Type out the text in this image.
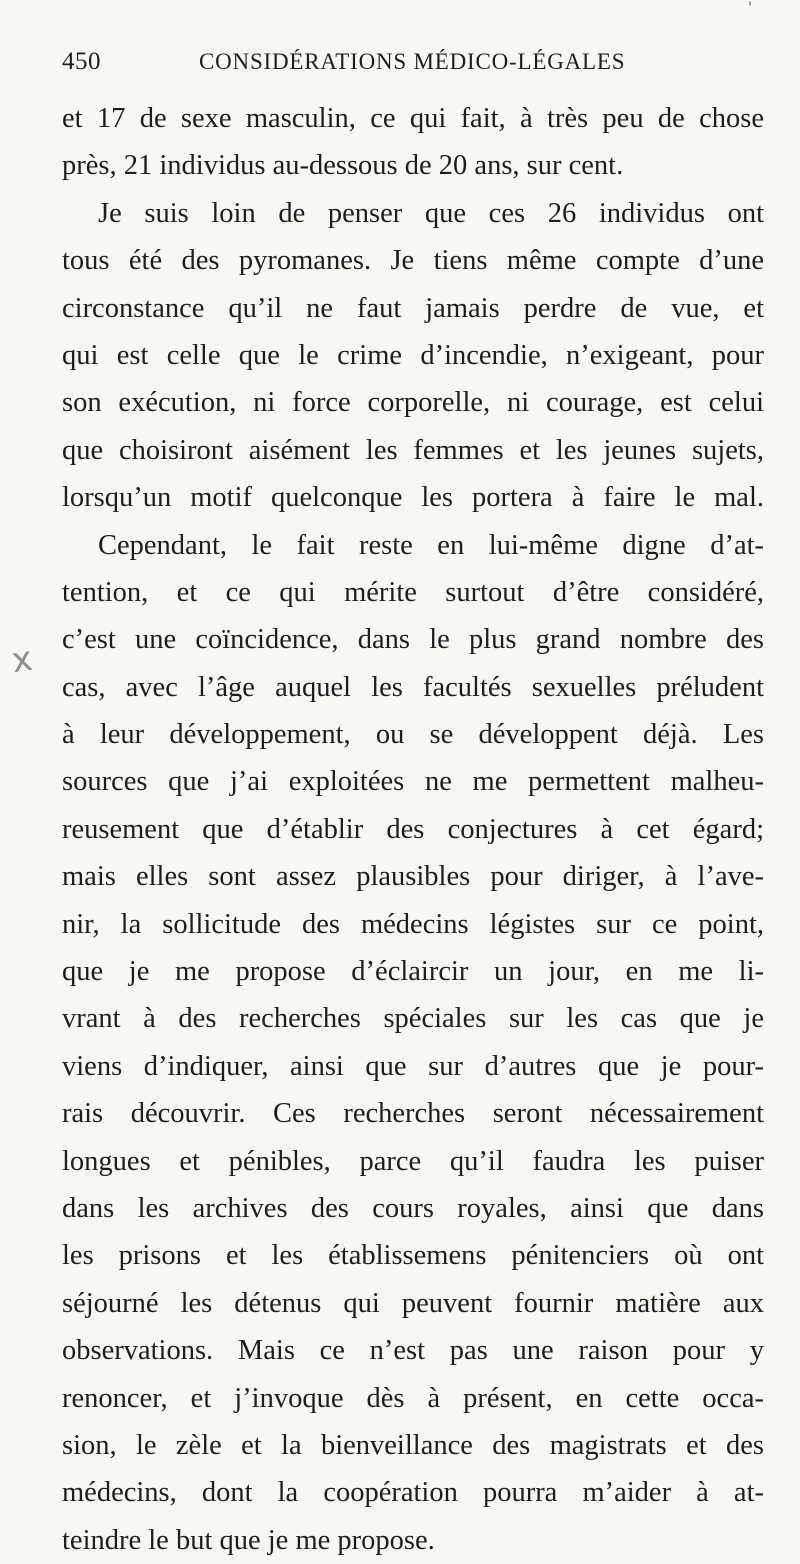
'
450	CONSIDÉRATIONS MÉDICO-LÉGALES
x
et 17 de sexe masculin, ce qui fait, à très peu de chose
près, 21 individus au-dessous de 20 ans, sur cent.
Je suis loin de penser que ces 26 individus ont
tous été des pyromanes. Je tiens même compte d’une
circonstance qu’il ne faut jamais perdre de vue, et
qui est celle que le crime d’incendie, n’exigeant, pour
son exécution, ni force corporelle, ni courage, est celui
que choisiront aisément les femmes et les jeunes sujets,
lorsqu’un motif quelconque les portera à faire le mal.
Cependant, le fait reste en lui-même digne d’at-
tention, et ce qui mérite surtout d’être considéré,
c’est une coïncidence, dans le plus grand nombre des
cas, avec l’âge auquel les facultés sexuelles préludent
à leur développement, ou se développent déjà. Les
sources que j’ai exploitées ne me permettent malheu-
reusement que d’établir des conjectures à cet égard;
mais elles sont assez plausibles pour diriger, à l’ave-
nir, la sollicitude des médecins légistes sur ce point,
que je me propose d’éclaircir un jour, en me li-
vrant à des recherches spéciales sur les cas que je
viens d’indiquer, ainsi que sur d’autres que je pour-
rais découvrir. Ces recherches seront nécessairement
longues et pénibles, parce qu’il faudra les puiser
dans les archives des cours royales, ainsi que dans
les prisons et les établissemens pénitenciers où ont
séjourné les détenus qui peuvent fournir matière aux
observations. Mais ce n’est pas une raison pour y
renoncer, et j’invoque dès à présent, en cette occa-
sion, le zèle et la bienveillance des magistrats et des
médecins, dont la coopération pourra m’aider à at-
teindre le but que je me propose.
